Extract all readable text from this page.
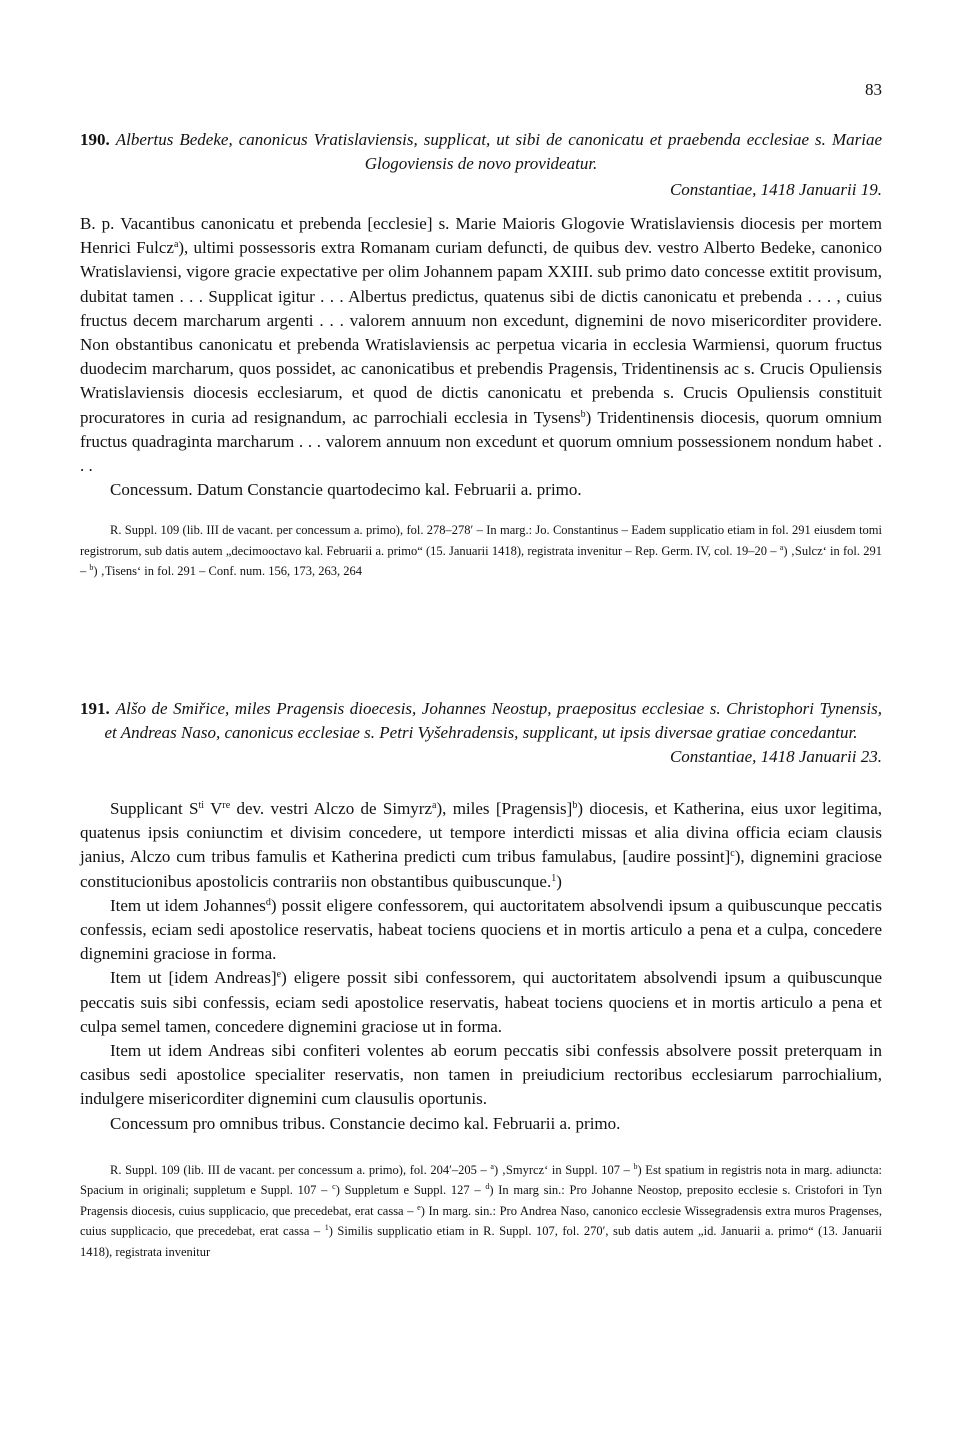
83
190. Albertus Bedeke, canonicus Vratislaviensis, supplicat, ut sibi de canonicatu et praebenda ecclesiae s. Mariae Glogoviensis de novo provideatur.
Constantiae, 1418 Januarii 19.

B. p. Vacantibus canonicatu et prebenda [ecclesie] s. Marie Maioris Glogovie Wratislaviensis diocesis per mortem Henrici Fulcz$^a$), ultimi possessoris extra Romanam curiam defuncti, de quibus dev. vestro Alberto Bedeke, canonico Wratislaviensi, vigore gracie expectative per olim Johannem papam XXIII. sub primo dato concesse extitit provisum, dubitat tamen . . . Supplicat igitur . . . Albertus predictus, quatenus sibi de dictis canonicatu et prebenda . . . , cuius fructus decem marcharum argenti . . . valorem annuum non excedunt, dignemini de novo misericorditer providere. Non obstantibus canonicatu et prebenda Wratislaviensis ac perpetua vicaria in ecclesia Warmiensi, quorum fructus duodecim marcharum, quos possidet, ac canonicatibus et prebendis Pragensis, Tridentinensis ac s. Crucis Opuliensis Wratislaviensis diocesis ecclesiarum, et quod de dictis canonicatu et prebenda s. Crucis Opuliensis constituit procuratores in curia ad resignandum, ac parrochiali ecclesia in Tysens$^b$) Tridentinensis diocesis, quorum omnium fructus quadraginta marcharum . . . valorem annuum non excedunt et quorum omnium possessionem nondum habet . . .

Concessum. Datum Constancie quartodecimo kal. Februarii a. primo.

R. Suppl. 109 (lib. III de vacant. per concessum a. primo), fol. 278–278′ – In marg.: Jo. Constantinus – Eadem supplicatio etiam in fol. 291 eiusdem tomi registrorum, sub datis autem „decimooctavo kal. Februarii a. primo“ (15. Januarii 1418), registrata invenitur – Rep. Germ. IV, col. 19–20 – $^a$) ‚Sulcz‘ in fol. 291 – $^b$) ‚Tisens‘ in fol. 291 – Conf. num. 156, 173, 263, 264

191. Alšo de Smiřice, miles Pragensis dioecesis, Johannes Neostup, praepositus ecclesiae s. Christophori Tynensis, et Andreas Naso, canonicus ecclesiae s. Petri Vyšehradensis, supplicant, ut ipsis diversae gratiae concedantur.
Constantiae, 1418 Januarii 23.

Supplicant $S^{ti}$ Vre dev. vestri Alczo de Simyrz$^a$), miles [Pragensis]$^b$) diocesis, et Katherina, eius uxor legitima, quatenus ipsis coniunctim et divisim concedere, ut tempore interdicti missas et alia divina officia eciam clausis janius, Alczo cum tribus famulis et Katherina predicti cum tribus famulabus, [audire possint]$^c$), dignemini graciose constitucionibus apostolicis contrariis non obstantibus quibuscunque.$^1$)

Item ut idem Johannes$^d$) possit eligere confessorem, qui auctoritatem absolvendi ipsum a quibuscunque peccatis confessis, eciam sedi apostolice reservatis, habeat tociens quociens et in mortis articulo a pena et a culpa, concedere dignemini graciose in forma.

Item ut [idem Andreas]$^e$) eligere possit sibi confessorem, qui auctoritatem absolvendi ipsum a quibuscunque peccatis suis sibi confessis, eciam sedi apostolice reservatis, habeat tociens quociens et in mortis articulo a pena et culpa semel tamen, concedere dignemini graciose ut in forma.

Item ut idem Andreas sibi confiteri volentes ab eorum peccatis sibi confessis absolvere possit preterquam in casibus sedi apostolice specialiter reservatis, non tamen in preiudicium rectoribus ecclesiarum parrochialium, indulgere misericorditer dignemini cum clausulis oportunis.

Concessum pro omnibus tribus. Constancie decimo kal. Februarii a. primo.

R. Suppl. 109 (lib. III de vacant. per concessum a. primo), fol. 204′–205 – $^a$) ‚Smyrcz‘ in Suppl. 107 – $^b$) Est spatium in registris nota in marg. adiuncta: Spacium in originali; suppletum e Suppl. 107 – $^c$) Suppletum e Suppl. 127 – $^d$) In marg sin.: Pro Johanne Neostop, preposito ecclesie s. Cristofori in Tyn Pragensis diocesis, cuius supplicacio, que precedebat, erat cassa – $^e$) In marg. sin.: Pro Andrea Naso, canonico ecclesie Wissegradensis extra muros Pragenses, cuius supplicacio, que precedebat, erat cassa – $^1$) Similis supplicatio etiam in R. Suppl. 107, fol. 270′, sub datis autem „id. Januarii a. primo“ (13. Januarii 1418), registrata invenitur
